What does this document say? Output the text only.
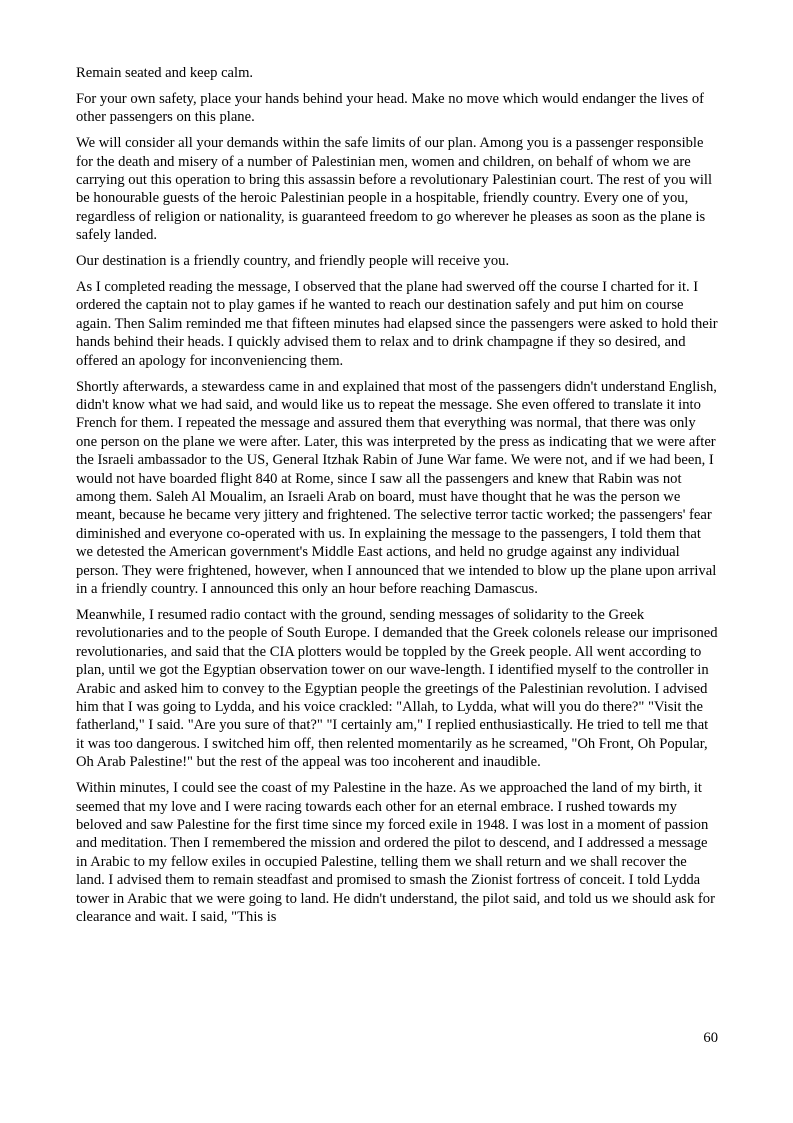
Remain seated and keep calm.

For your own safety, place your hands behind your head. Make no move which would endanger the lives of other passengers on this plane.

We will consider all your demands within the safe limits of our plan. Among you is a passenger responsible for the death and misery of a number of Palestinian men, women and children, on behalf of whom we are carrying out this operation to bring this assassin before a revolutionary Palestinian court. The rest of you will be honourable guests of the heroic Palestinian people in a hospitable, friendly country. Every one of you, regardless of religion or nationality, is guaranteed freedom to go wherever he pleases as soon as the plane is safely landed.

Our destination is a friendly country, and friendly people will receive you.

As I completed reading the message, I observed that the plane had swerved off the course I charted for it. I ordered the captain not to play games if he wanted to reach our destination safely and put him on course again. Then Salim reminded me that fifteen minutes had elapsed since the passengers were asked to hold their hands behind their heads. I quickly advised them to relax and to drink champagne if they so desired, and offered an apology for inconveniencing them.

Shortly afterwards, a stewardess came in and explained that most of the passengers didn't understand English, didn't know what we had said, and would like us to repeat the message. She even offered to translate it into French for them. I repeated the message and assured them that everything was normal, that there was only one person on the plane we were after. Later, this was interpreted by the press as indicating that we were after the Israeli ambassador to the US, General Itzhak Rabin of June War fame. We were not, and if we had been, I would not have boarded flight 840 at Rome, since I saw all the passengers and knew that Rabin was not among them. Saleh Al Moualim, an Israeli Arab on board, must have thought that he was the person we meant, because he became very jittery and frightened. The selective terror tactic worked; the passengers' fear diminished and everyone co-operated with us. In explaining the message to the passengers, I told them that we detested the American government's Middle East actions, and held no grudge against any individual person. They were frightened, however, when I announced that we intended to blow up the plane upon arrival in a friendly country. I announced this only an hour before reaching Damascus.

Meanwhile, I resumed radio contact with the ground, sending messages of solidarity to the Greek revolutionaries and to the people of South Europe. I demanded that the Greek colonels release our imprisoned revolutionaries, and said that the CIA plotters would be toppled by the Greek people. All went according to plan, until we got the Egyptian observation tower on our wave-length. I identified myself to the controller in Arabic and asked him to convey to the Egyptian people the greetings of the Palestinian revolution. I advised him that I was going to Lydda, and his voice crackled: "Allah, to Lydda, what will you do there?" "Visit the fatherland," I said. "Are you sure of that?" "I certainly am," I replied enthusiastically. He tried to tell me that it was too dangerous. I switched him off, then relented momentarily as he screamed, "Oh Front, Oh Popular, Oh Arab Palestine!" but the rest of the appeal was too incoherent and inaudible.

Within minutes, I could see the coast of my Palestine in the haze. As we approached the land of my birth, it seemed that my love and I were racing towards each other for an eternal embrace. I rushed towards my beloved and saw Palestine for the first time since my forced exile in 1948. I was lost in a moment of passion and meditation. Then I remembered the mission and ordered the pilot to descend, and I addressed a message in Arabic to my fellow exiles in occupied Palestine, telling them we shall return and we shall recover the land. I advised them to remain steadfast and promised to smash the Zionist fortress of conceit. I told Lydda tower in Arabic that we were going to land. He didn't understand, the pilot said, and told us we should ask for clearance and wait. I said, "This is

60
